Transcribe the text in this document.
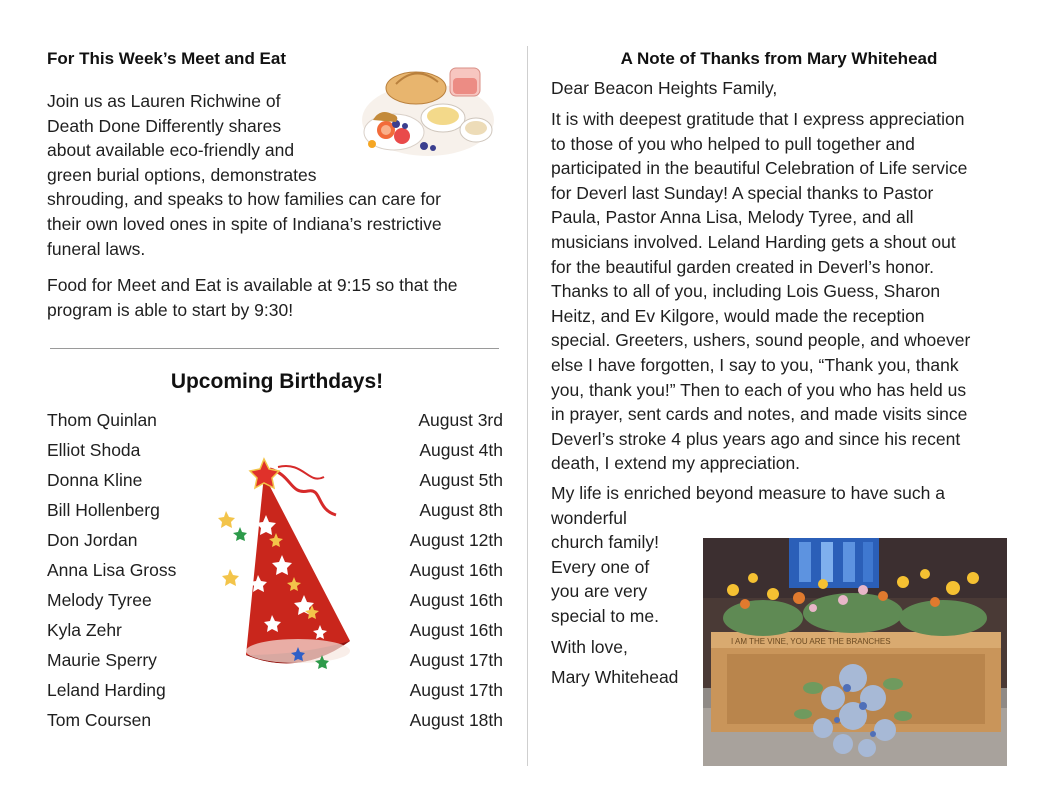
For This Week’s Meet and Eat
Join us as Lauren Richwine of
Death Done Differently shares
about available eco-friendly and
green burial options, demonstrates
shrouding, and speaks to how families can care for
their own loved ones in spite of Indiana’s restrictive
funeral laws.
Food for Meet and Eat is available at 9:15 so that the
program is able to start by 9:30!
Upcoming Birthdays!
Thom Quinlan	August 3rd
Elliot Shoda	August 4th
Donna Kline	August 5th
Bill Hollenberg	August 8th
Don Jordan	August 12th
Anna Lisa Gross	August 16th
Melody Tyree	August 16th
Kyla Zehr	August 16th
Maurie Sperry	August 17th
Leland Harding	August 17th
Tom Coursen	August 18th
A Note of Thanks from Mary Whitehead
Dear Beacon Heights Family,
It is with deepest gratitude that I express appreciation
to those of you who helped to pull together and
participated in the beautiful Celebration of Life service
for Deverl last Sunday! A special thanks to Pastor
Paula, Pastor Anna Lisa, Melody Tyree, and all
musicians involved. Leland Harding gets a shout out
for the beautiful garden created in Deverl’s honor.
Thanks to all of you, including Lois Guess, Sharon
Heitz, and Ev Kilgore, would made the reception
special. Greeters, ushers, sound people, and whoever
else I have forgotten, I say to you, “Thank you, thank
you, thank you!” Then to each of you who has held us
in prayer, sent cards and notes, and made visits since
Deverl’s stroke 4 plus years ago and since his recent
death, I extend my appreciation.
My life is enriched beyond measure to have such a
wonderful
church family!
Every one of
you are very
special to me.
With love,
Mary Whitehead
I AM THE VINE, YOU ARE THE BRANCHES
